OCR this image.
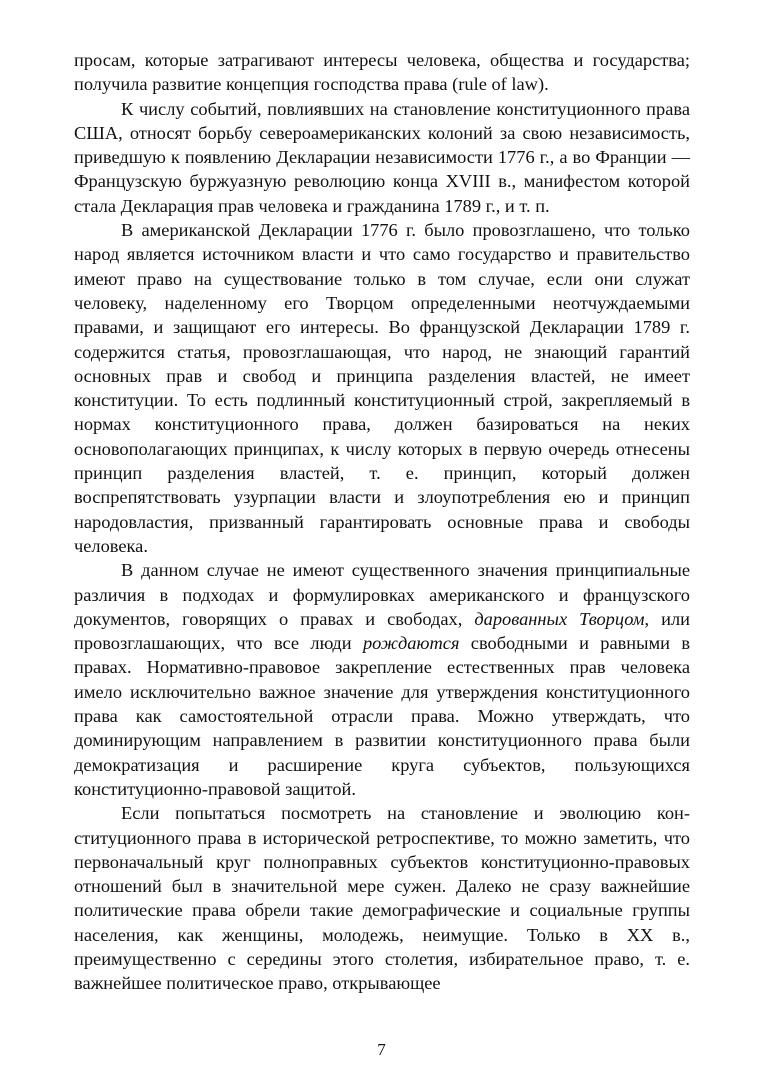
просам, которые затрагивают интересы человека, общества и государства; получила развитие концепция господства права (rule of law).

К числу событий, повлиявших на становление конституционного права США, относят борьбу североамериканских колоний за свою независимость, приведшую к появлению Декларации независимости 1776 г., а во Франции — Французскую буржуазную революцию конца XVIII в., манифестом которой стала Декларация прав человека и гражданина 1789 г., и т. п.

В американской Декларации 1776 г. было провозглашено, что только народ является источником власти и что само государство и правительство имеют право на существование только в том случае, если они служат человеку, наделенному его Творцом определенными неотчуждаемыми правами, и защищают его интересы. Во французской Декларации 1789 г. содержится статья, провозглашающая, что народ, не знающий гарантий основных прав и свобод и принципа разделения властей, не имеет конституции. То есть подлинный конституционный строй, закрепляемый в нормах конституционного права, должен базироваться на неких основополагающих принципах, к числу которых в первую очередь отнесены принцип разделения властей, т. е. принцип, который должен воспрепятствовать узурпации власти и злоупотребления ею и принцип народовластия, призванный гарантировать основные права и свободы человека.

В данном случае не имеют существенного значения принципиальные различия в подходах и формулировках американского и французского документов, говорящих о правах и свободах, дарованных Творцом, или провозглашающих, что все люди рождаются свободными и равными в правах. Нормативно-правовое закрепление естественных прав человека имело исключительно важное значение для утверждения конституционного права как самостоятельной отрасли права. Можно утверждать, что доминирующим направлением в развитии конституционного права были демократизация и расширение круга субъектов, пользующихся конституционно-правовой защитой.

Если попытаться посмотреть на становление и эволюцию конституционного права в исторической ретроспективе, то можно заметить, что первоначальный круг полноправных субъектов конституционно-правовых отношений был в значительной мере сужен. Далеко не сразу важнейшие политические права обрели такие демографические и социальные группы населения, как женщины, молодежь, неимущие. Только в XX в., преимущественно с середины этого столетия, избирательное право, т. е. важнейшее политическое право, открывающее

7
